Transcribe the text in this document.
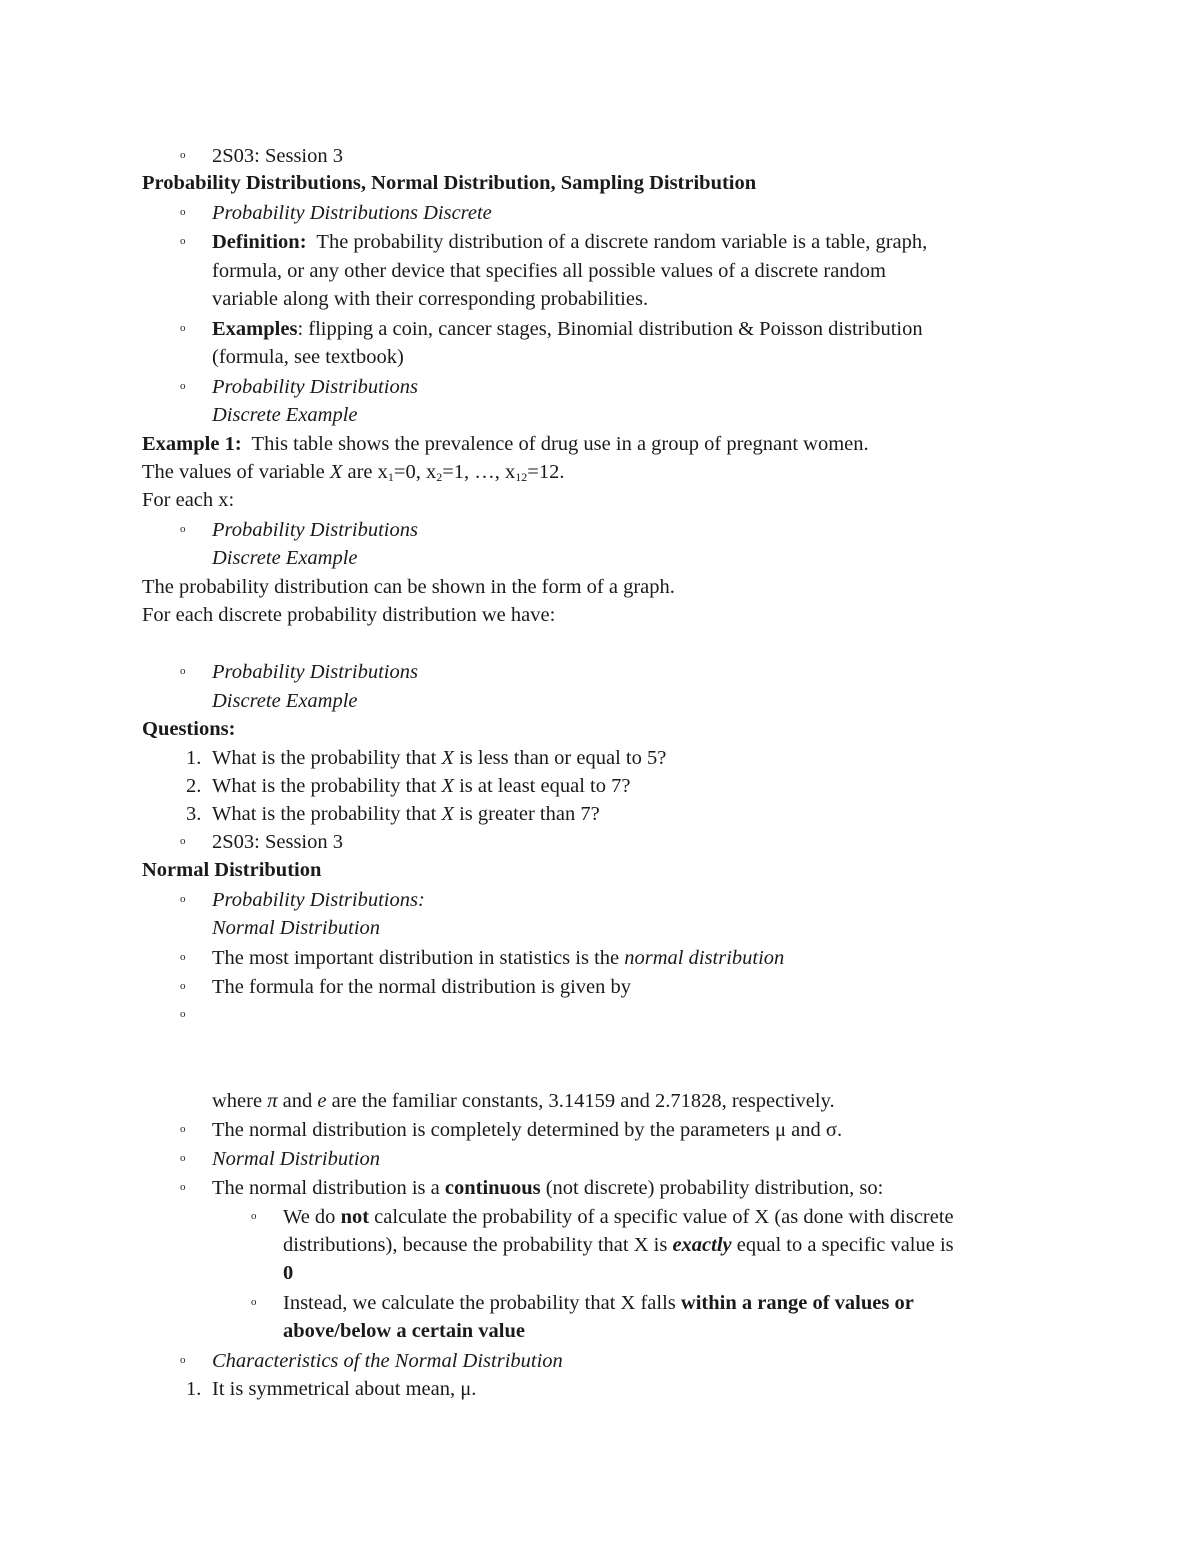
o 2S03: Session 3
Probability Distributions, Normal Distribution, Sampling Distribution
o Probability Distributions Discrete
o Definition: The probability distribution of a discrete random variable is a table, graph,
formula, or any other device that specifies all possible values of a discrete random
variable along with their corresponding probabilities.
o Examples: flipping a coin, cancer stages, Binomial distribution & Poisson distribution
(formula, see textbook)
o Probability Distributions
Discrete Example
Example 1: This table shows the prevalence of drug use in a group of pregnant women.
The values of variable X are $x_1=0$, $x_2=1$, …, $x_{12}=12$.
For each x:
o Probability Distributions
Discrete Example
The probability distribution can be shown in the form of a graph.
For each discrete probability distribution we have:
o Probability Distributions
Discrete Example
Questions:
1. What is the probability that X is less than or equal to 5?
2. What is the probability that X is at least equal to 7?
3. What is the probability that X is greater than 7?
o 2S03: Session 3
Normal Distribution
o Probability Distributions:
Normal Distribution
o The most important distribution in statistics is the normal distribution
o The formula for the normal distribution is given by
o
where π and e are the familiar constants, 3.14159 and 2.71828, respectively.
o The normal distribution is completely determined by the parameters μ and σ.
o Normal Distribution
o The normal distribution is a continuous (not discrete) probability distribution, so:
o We do not calculate the probability of a specific value of X (as done with discrete
distributions), because the probability that X is exactly equal to a specific value is
0
o Instead, we calculate the probability that X falls within a range of values or
above/below a certain value
o Characteristics of the Normal Distribution
1. It is symmetrical about mean, μ.
